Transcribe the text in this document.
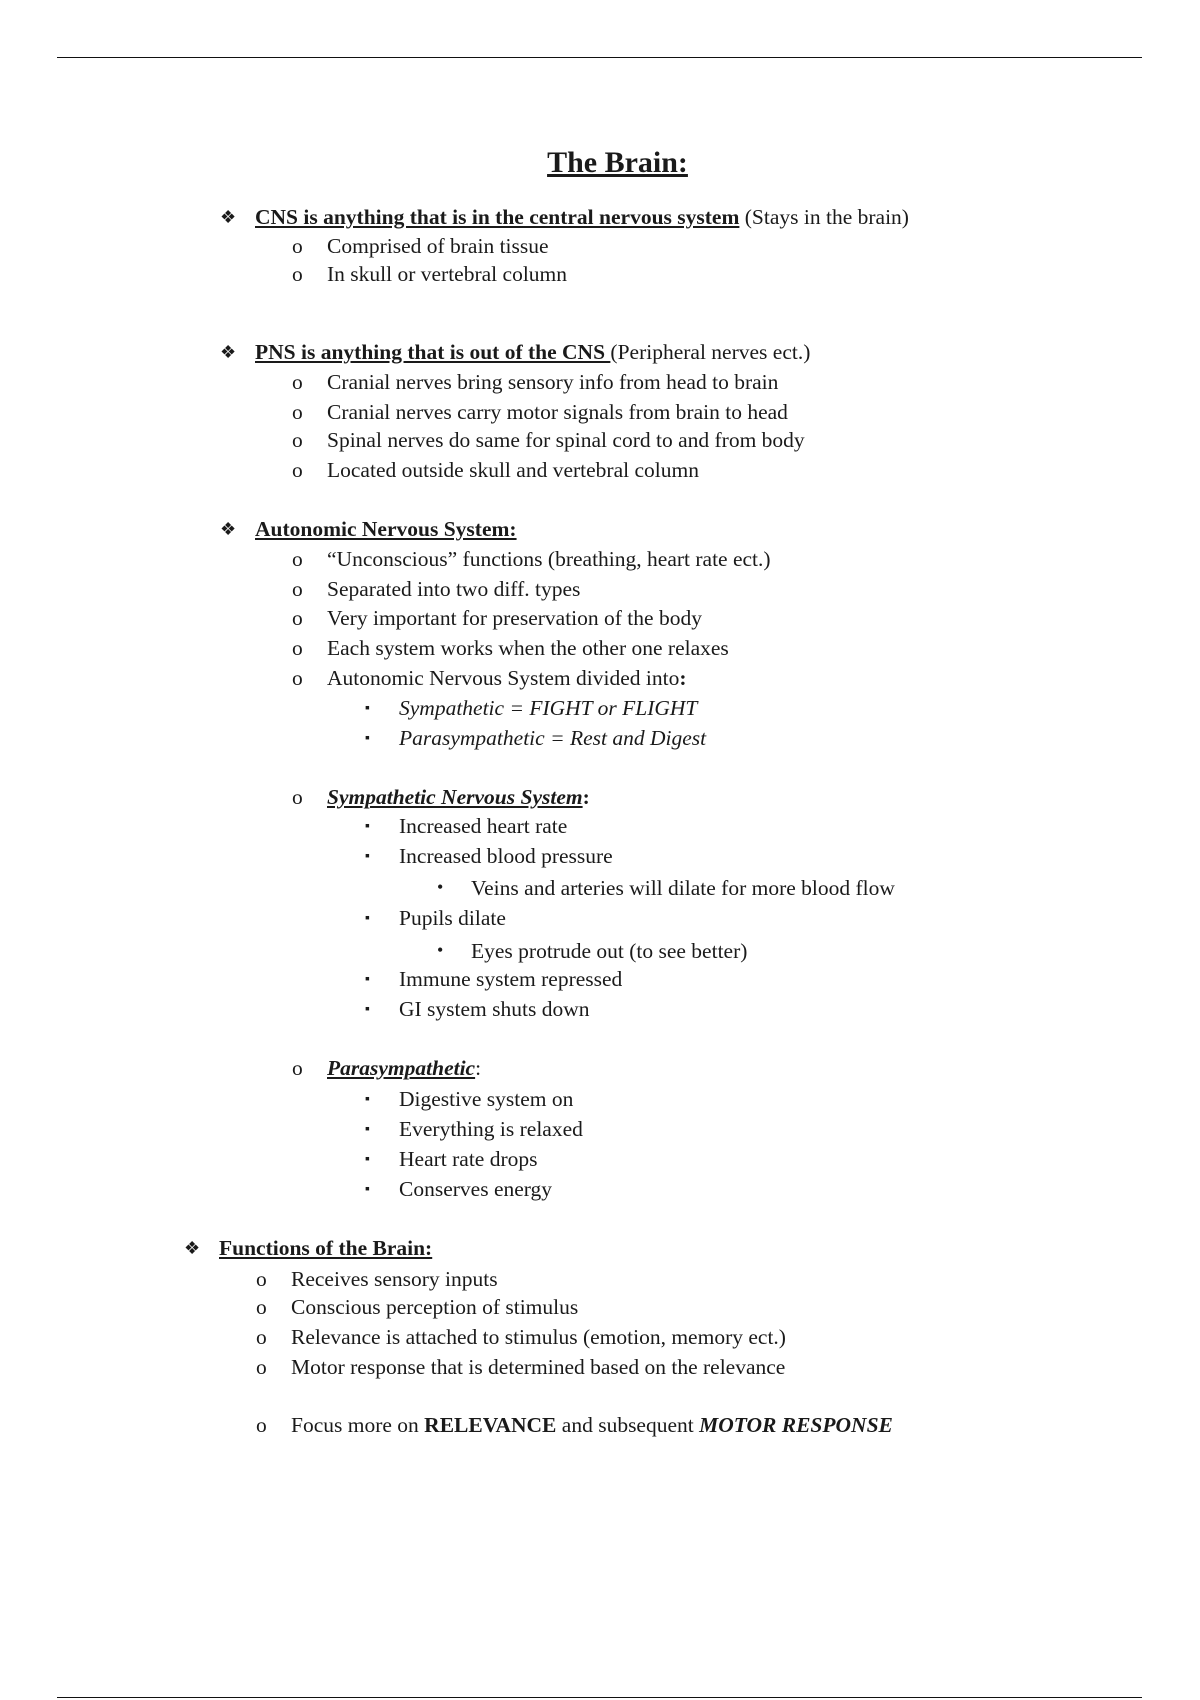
The Brain:
❖ CNS is anything that is in the central nervous system (Stays in the brain)
o Comprised of brain tissue
o In skull or vertebral column
❖ PNS is anything that is out of the CNS (Peripheral nerves ect.)
o Cranial nerves bring sensory info from head to brain
o Cranial nerves carry motor signals from brain to head
o Spinal nerves do same for spinal cord to and from body
o Located outside skull and vertebral column
❖ Autonomic Nervous System:
o “Unconscious” functions (breathing, heart rate ect.)
o Separated into two diff. types
o Very important for preservation of the body
o Each system works when the other one relaxes
o Autonomic Nervous System divided into:
▪ Sympathetic = FIGHT or FLIGHT
▪ Parasympathetic = Rest and Digest
o Sympathetic Nervous System:
▪ Increased heart rate
▪ Increased blood pressure
• Veins and arteries will dilate for more blood flow
▪ Pupils dilate
• Eyes protrude out (to see better)
▪ Immune system repressed
▪ GI system shuts down
o Parasympathetic:
▪ Digestive system on
▪ Everything is relaxed
▪ Heart rate drops
▪ Conserves energy
❖ Functions of the Brain:
o Receives sensory inputs
o Conscious perception of stimulus
o Relevance is attached to stimulus (emotion, memory ect.)
o Motor response that is determined based on the relevance
o Focus more on RELEVANCE and subsequent MOTOR RESPONSE
